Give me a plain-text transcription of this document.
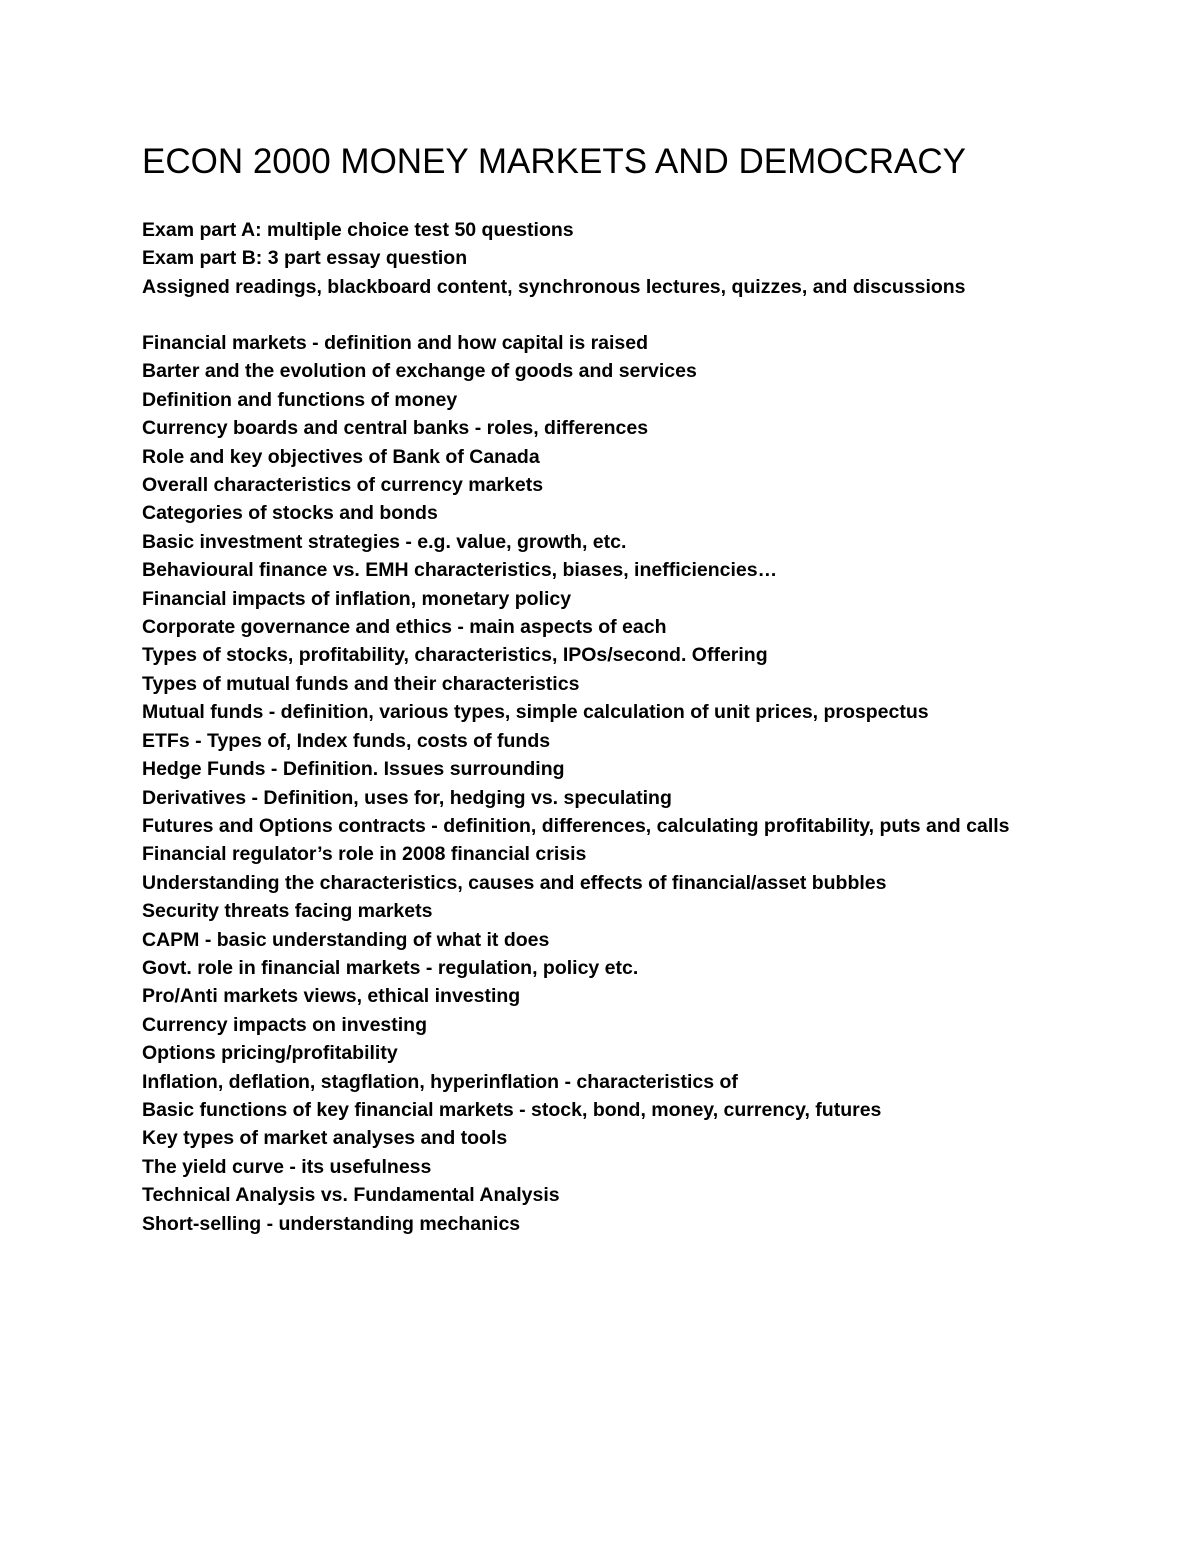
ECON 2000 MONEY MARKETS AND DEMOCRACY
Exam part A: multiple choice test 50 questions
Exam part B: 3 part essay question
Assigned readings, blackboard content, synchronous lectures, quizzes, and discussions
Financial markets - definition and how capital is raised
Barter and the evolution of exchange of goods and services
Definition and functions of money
Currency boards and central banks - roles, differences
Role and key objectives of Bank of Canada
Overall characteristics of currency markets
Categories of stocks and bonds
Basic investment strategies - e.g. value, growth, etc.
Behavioural finance vs. EMH characteristics, biases, inefficiencies…
Financial impacts of inflation, monetary policy
Corporate governance and ethics - main aspects of each
Types of stocks, profitability, characteristics, IPOs/second. Offering
Types of mutual funds and their characteristics
Mutual funds - definition, various types, simple calculation of unit prices, prospectus
ETFs - Types of, Index funds, costs of funds
Hedge Funds - Definition. Issues surrounding
Derivatives - Definition, uses for, hedging vs. speculating
Futures and Options contracts - definition, differences, calculating profitability, puts and calls
Financial regulator’s role in 2008 financial crisis
Understanding the characteristics, causes and effects of financial/asset bubbles
Security threats facing markets
CAPM - basic understanding of what it does
Govt. role in financial markets - regulation, policy etc.
Pro/Anti markets views, ethical investing
Currency impacts on investing
Options pricing/profitability
Inflation, deflation, stagflation, hyperinflation - characteristics of
Basic functions of key financial markets - stock, bond, money, currency, futures
Key types of market analyses and tools
The yield curve - its usefulness
Technical Analysis vs. Fundamental Analysis
Short-selling - understanding mechanics
